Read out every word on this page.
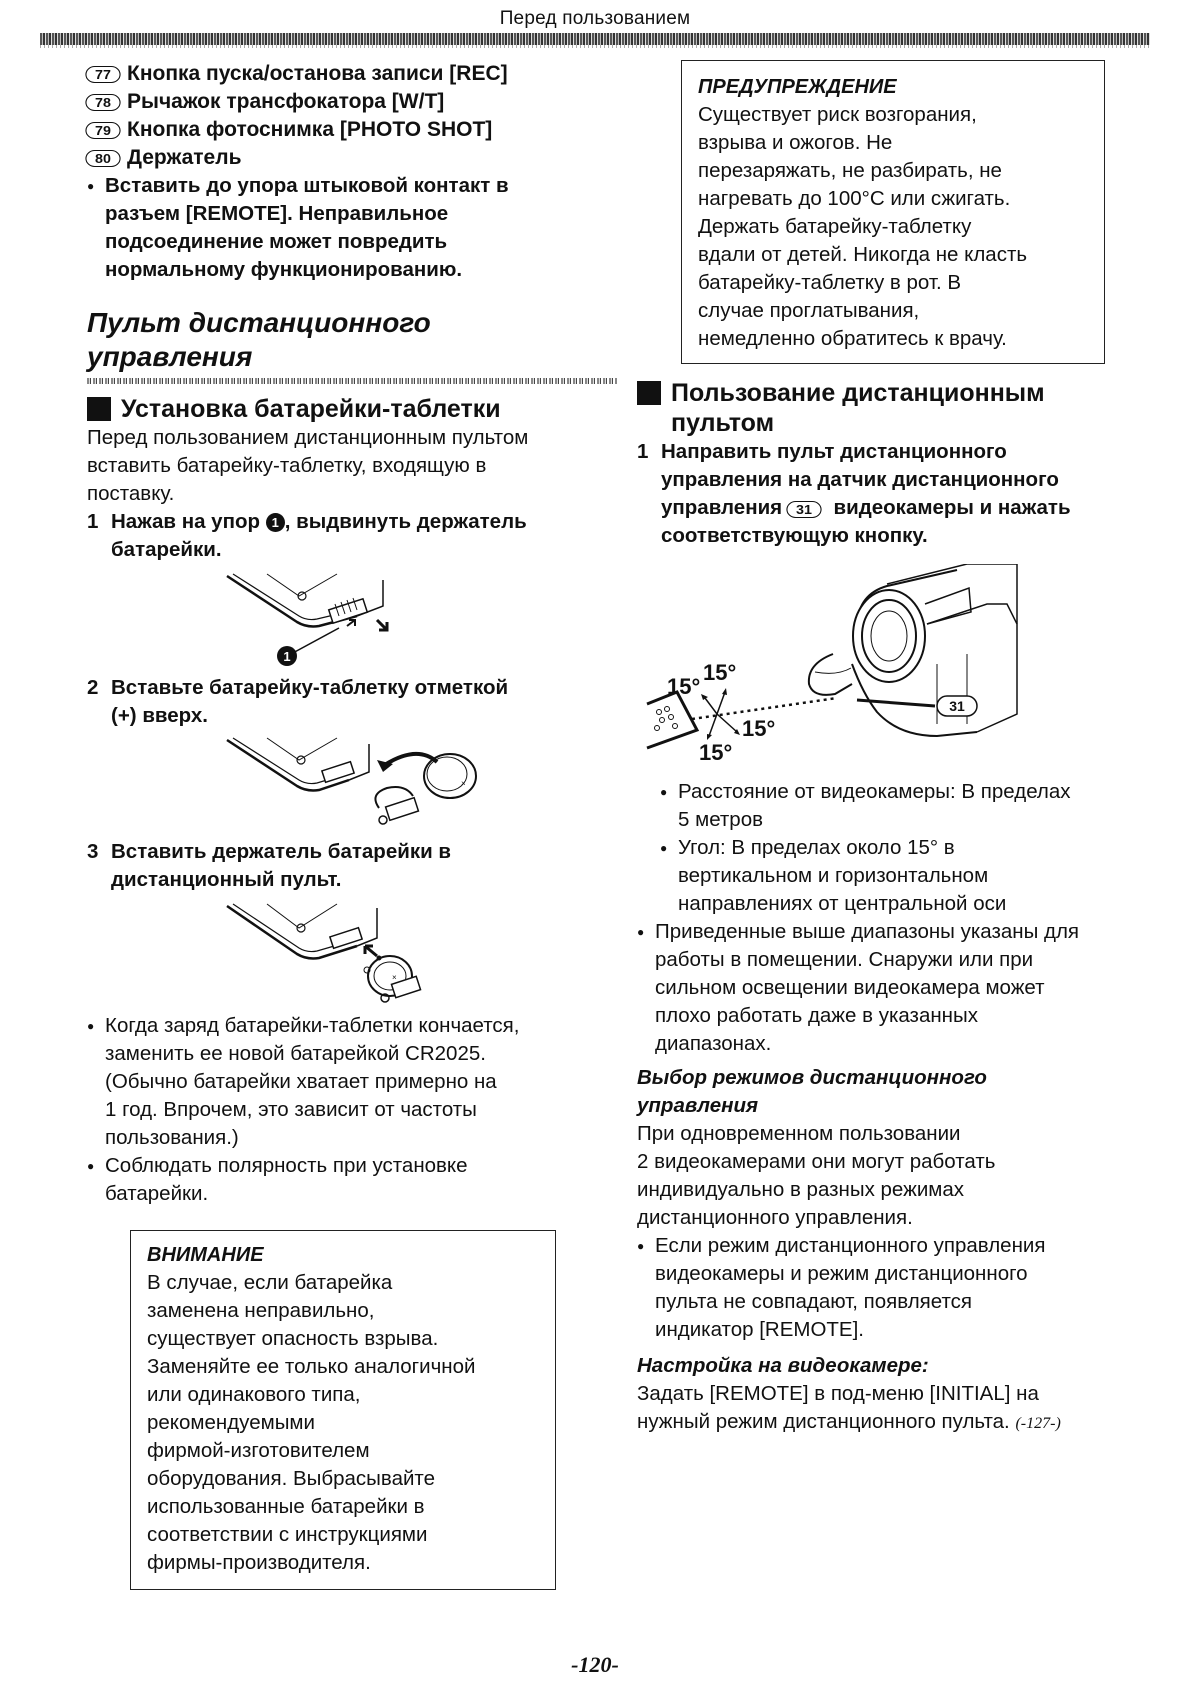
Перед пользованием
77 Кнопка пуска/останова записи [REC]
78 Рычажок трансфокатора [W/T]
79 Кнопка фотоснимка [PHOTO SHOT]
80 Держатель
● Вставить до упора штыковой контакт в
разъем [REMOTE]. Неправильное
подсоединение может повредить
нормальному функционированию.
Пульт дистанционного
управления
Установка батарейки-таблетки
Перед пользованием дистанционным пультом
вставить батарейку-таблетку, входящую в
поставку.
1 Нажав на упор 1 , выдвинуть держатель
батарейки.
1
2 Вставьте батарейку-таблетку отметкой
(+) вверх.
×
3 Вставить держатель батарейки в
дистанционный пульт.
×
● Когда заряд батарейки-таблетки кончается,
заменить ее новой батарейкой CR2025.
(Обычно батарейки хватает примерно на
1 год. Впрочем, это зависит от частоты
пользования.)
● Соблюдать полярность при установке
батарейки.
ВНИМАНИЕ
В случае, если батарейка
заменена неправильно,
существует опасность взрыва.
Заменяйте ее только аналогичной
или одинакового типа,
рекомендуемыми
фирмой-изготовителем
оборудования. Выбрасывайте
использованные батарейки в
соответствии с инструкциями
фирмы-производителя.
ПРЕДУПРЕЖДЕНИЕ
Существует риск возгорания,
взрыва и ожогов. Не
перезаряжать, не разбирать, не
нагревать до 100°C или сжигать.
Держать батарейку-таблетку
вдали от детей. Никогда не класть
батарейку-таблетку в рот. В
случае проглатывания,
немедленно обратитесь к врачу.
Пользование дистанционным
пультом
1 Направить пульт дистанционного
управления на датчик дистанционного
управления 31 видеокамеры и нажать
соответствующую кнопку.
15°
15°
15°
15°
31
● Расстояние от видеокамеры: В пределах
5 метров
● Угол: В пределах около 15° в
вертикальном и горизонтальном
направлениях от центральной оси
● Приведенные выше диапазоны указаны для
работы в помещении. Снаружи или при
сильном освещении видеокамера может
плохо работать даже в указанных
диапазонах.
Выбор режимов дистанционного
управления
При одновременном пользовании
2 видеокамерами они могут работать
индивидуально в разных режимах
дистанционного управления.
● Если режим дистанционного управления
видеокамеры и режим дистанционного
пульта не совпадают, появляется
индикатор [REMOTE].
Настройка на видеокамере:
Задать [REMOTE] в под-меню [INITIAL] на
нужный режим дистанционного пульта. (-127-)
-120-
